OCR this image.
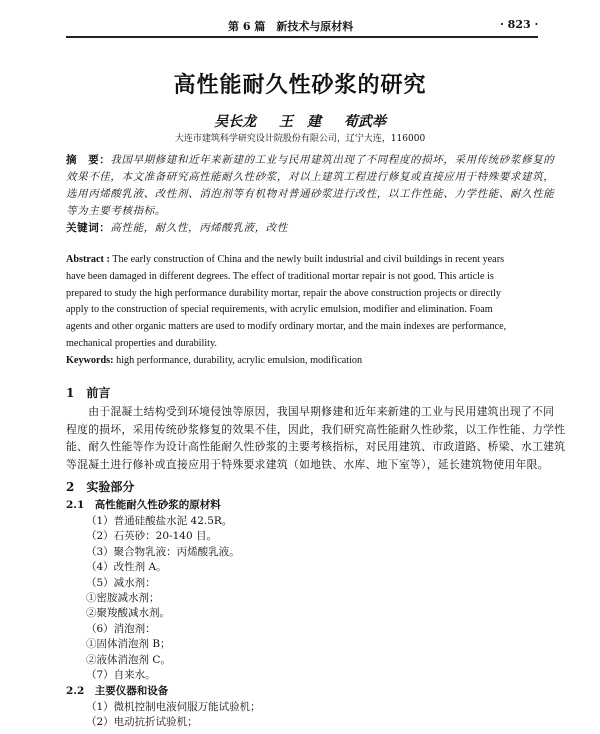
第 6 篇　新技术与原材料	· 823 ·
高性能耐久性砂浆的研究
吴长龙 王　建 荀武举
大连市建筑科学研究设计院股份有限公司，辽宁大连，116000
摘　要：我国早期修建和近年来新建的工业与民用建筑出现了不同程度的损坏，采用传统砂浆修复的
效果不佳，本文准备研究高性能耐久性砂浆，对以上建筑工程进行修复或直接应用于特殊要求建筑，
选用丙烯酸乳液、改性剂、消泡剂等有机物对普通砂浆进行改性，以工作性能、力学性能、耐久性能
等为主要考核指标。
关键词：高性能，耐久性，丙烯酸乳液，改性
Abstract : The early construction of China and the newly built industrial and civil buildings in recent years
have been damaged in different degrees. The effect of traditional mortar repair is not good. This article is
prepared to study the high performance durability mortar, repair the above construction projects or directly
apply to the construction of special requirements, with acrylic emulsion, modifier and elimination. Foam
agents and other organic matters are used to modify ordinary mortar, and the main indexes are performance,
mechanical properties and durability.
Keywords: high performance, durability, acrylic emulsion, modification
1　前言
　　由于混凝土结构受到环境侵蚀等原因，我国早期修建和近年来新建的工业与民用建筑出现了不同
程度的损坏，采用传统砂浆修复的效果不佳，因此，我们研究高性能耐久性砂浆，以工作性能、力学性
能、耐久性能等作为设计高性能耐久性砂浆的主要考核指标，对民用建筑、市政道路、桥梁、水工建筑
等混凝土进行修补或直接应用于特殊要求建筑（如地铁、水库、地下室等），延长建筑物使用年限。
2　实验部分
2.1　高性能耐久性砂浆的原材料
（1）普通硅酸盐水泥 42.5R。
（2）石英砂：20-140 目。
（3）聚合物乳液：丙烯酸乳液。
（4）改性剂 A。
（5）减水剂：
①密胺减水剂；
②聚羧酸减水剂。
（6）消泡剂：
①固体消泡剂 B；
②液体消泡剂 C。
（7）自来水。
2.2　主要仪器和设备
（1）微机控制电液伺服万能试验机；
（2）电动抗折试验机；
